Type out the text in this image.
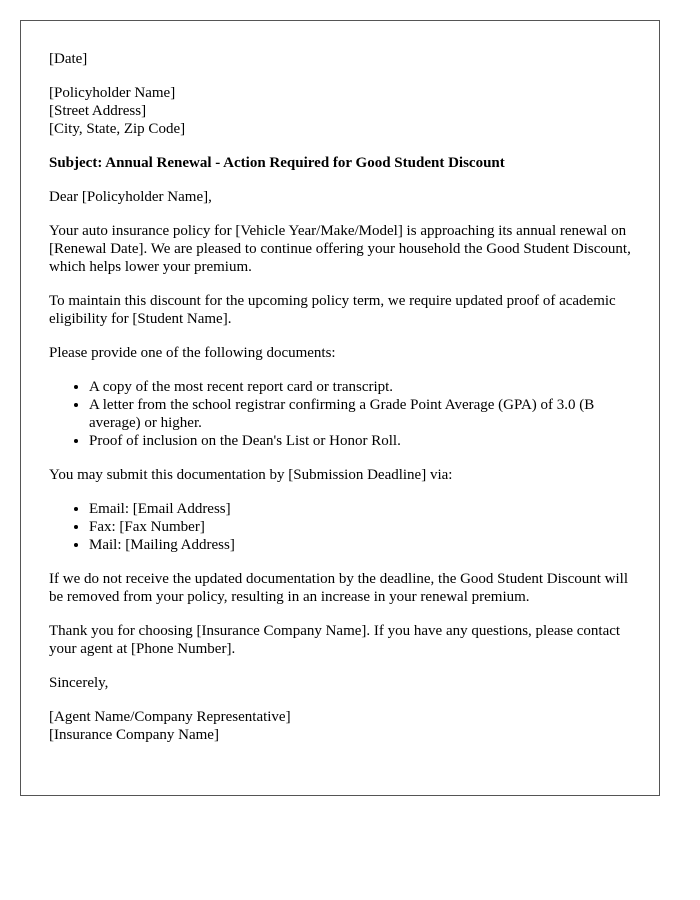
[Date]

[Policyholder Name]
[Street Address]
[City, State, Zip Code]

Subject: Annual Renewal - Action Required for Good Student Discount

Dear [Policyholder Name],

Your auto insurance policy for [Vehicle Year/Make/Model] is approaching its annual renewal on [Renewal Date]. We are pleased to continue offering your household the Good Student Discount, which helps lower your premium.

To maintain this discount for the upcoming policy term, we require updated proof of academic eligibility for [Student Name].

Please provide one of the following documents:

• A copy of the most recent report card or transcript.
• A letter from the school registrar confirming a Grade Point Average (GPA) of 3.0 (B average) or higher.
• Proof of inclusion on the Dean's List or Honor Roll.

You may submit this documentation by [Submission Deadline] via:

• Email: [Email Address]
• Fax: [Fax Number]
• Mail: [Mailing Address]

If we do not receive the updated documentation by the deadline, the Good Student Discount will be removed from your policy, resulting in an increase in your renewal premium.

Thank you for choosing [Insurance Company Name]. If you have any questions, please contact your agent at [Phone Number].

Sincerely,

[Agent Name/Company Representative]
[Insurance Company Name]
